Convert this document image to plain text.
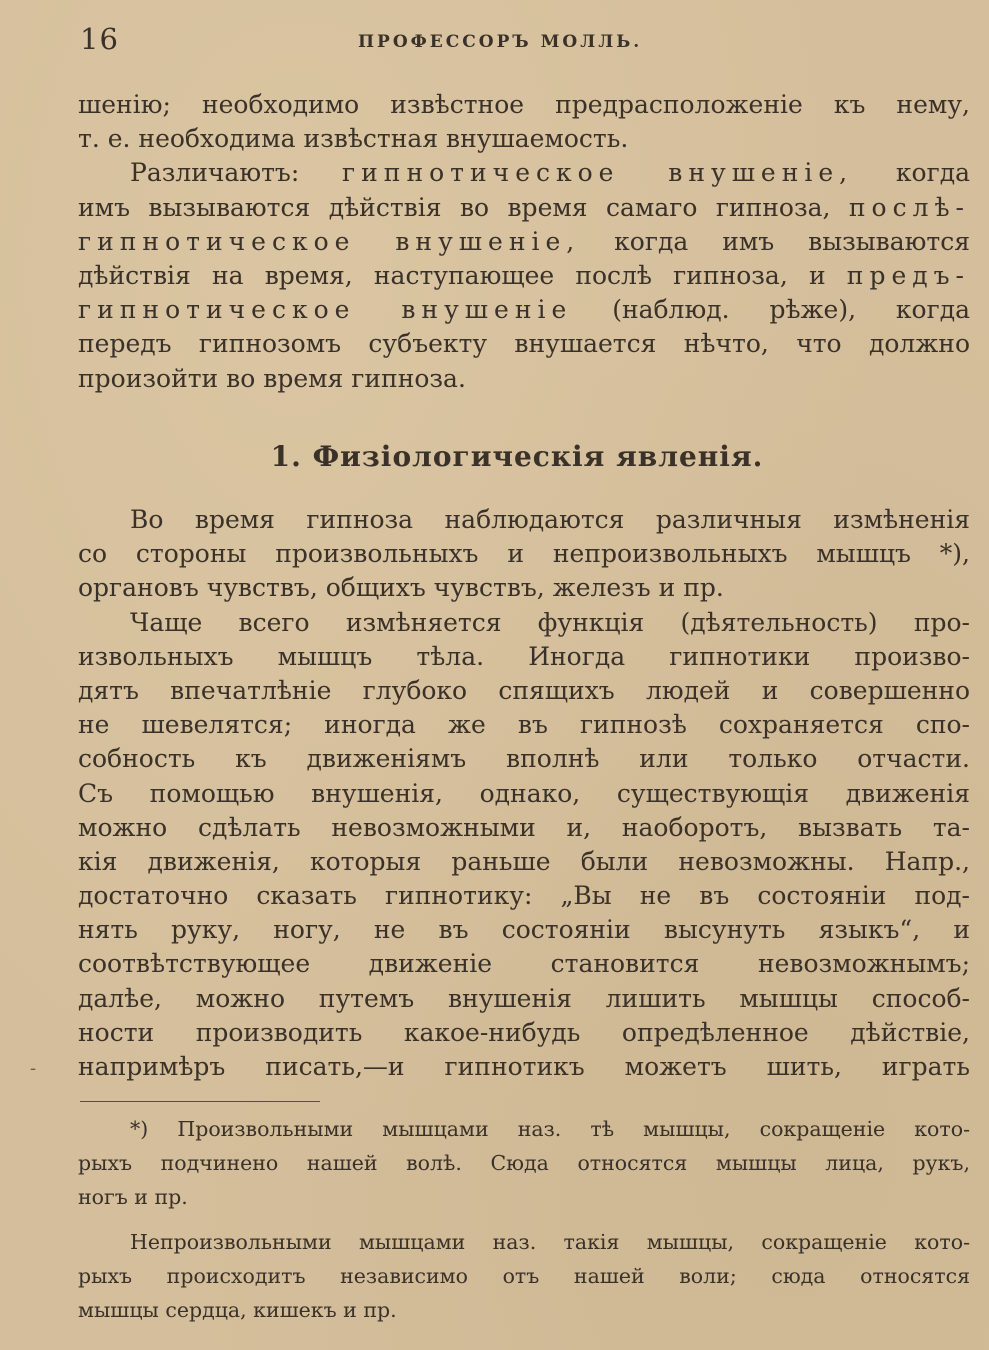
16	ПРОФЕССОРЪ МОЛЛЬ.
шенію; необходимо извѣстное предрасположеніе къ нему,
т. е. необходима извѣстная внушаемость.
Различаютъ: гипнотическое внушеніе, когда
имъ вызываются дѣйствія во время самаго гипноза, послѣ-
гипнотическое внушеніе, когда имъ вызываются
дѣйствія на время, наступающее послѣ гипноза, и предъ-
гипнотическое внушеніе (наблюд. рѣже), когда
передъ гипнозомъ субъекту внушается нѣчто, что должно
произойти во время гипноза.
1. Физіологическія явленія.
Во время гипноза наблюдаются различныя измѣненія
со стороны произвольныхъ и непроизвольныхъ мышцъ *),
органовъ чувствъ, общихъ чувствъ, железъ и пр.
Чаще всего измѣняется функція (дѣятельность) про-
извольныхъ мышцъ тѣла. Иногда гипнотики произво-
дятъ впечатлѣніе глубоко спящихъ людей и совершенно
не шевелятся; иногда же въ гипнозѣ сохраняется спо-
собность къ движеніямъ вполнѣ или только отчасти.
Съ помощью внушенія, однако, существующія движенія
можно сдѣлать невозможными и, наоборотъ, вызвать та-
кія движенія, которыя раньше были невозможны. Напр.,
достаточно сказать гипнотику: „Вы не въ состояніи под-
нять руку, ногу, не въ состояніи высунуть языкъ“, и
соотвѣтствующее движеніе становится невозможнымъ;
далѣе, можно путемъ внушенія лишить мышцы способ-
ности производить какое-нибудь опредѣленное дѣйствіе,
напримѣръ писать,—и гипнотикъ можетъ шить, играть
-
*) Произвольными мышцами наз. тѣ мышцы, сокращеніе кото-
рыхъ подчинено нашей волѣ. Сюда относятся мышцы лица, рукъ,
ногъ и пр.
Непроизвольными мышцами наз. такія мышцы, сокращеніе кото-
рыхъ происходитъ независимо отъ нашей воли; сюда относятся
мышцы сердца, кишекъ и пр.
